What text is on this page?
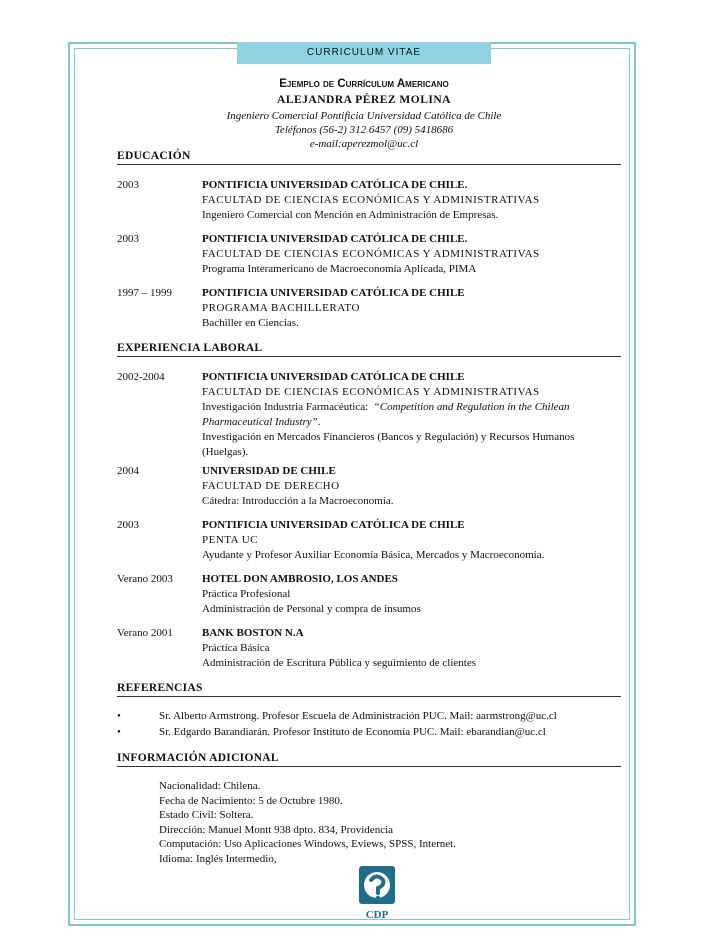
CURRICULUM VITAE
Ejemplo de Currículum Americano
ALEJANDRA PÉREZ MOLINA
Ingeniero Comercial Pontificia Universidad Católica de Chile
Teléfonos (56-2) 312 6457 (09) 5418686
e-mail:aperezmol@uc.cl
EDUCACIÓN
2003	PONTIFICIA UNIVERSIDAD CATÓLICA DE CHILE.
FACULTAD DE CIENCIAS ECONÓMICAS Y ADMINISTRATIVAS
Ingeniero Comercial con Mención en Administración de Empresas.
2003	PONTIFICIA UNIVERSIDAD CATÓLICA DE CHILE.
FACULTAD DE CIENCIAS ECONÓMICAS Y ADMINISTRATIVAS
Programa Interamericano de Macroeconomía Aplicada, PIMA
1997 – 1999	PONTIFICIA UNIVERSIDAD CATÓLICA DE CHILE
PROGRAMA BACHILLERATO
Bachiller en Ciencias.
EXPERIENCIA LABORAL
2002-2004	PONTIFICIA UNIVERSIDAD CATÓLICA DE CHILE
FACULTAD DE CIENCIAS ECONÓMICAS Y ADMINISTRATIVAS
Investigación Industria Farmacéutica: “Competition and Regulation in the Chilean Pharmaceutical Industry”.
Investigación en Mercados Financieros (Bancos y Regulación) y Recursos Humanos (Huelgas).
2004	UNIVERSIDAD DE CHILE
FACULTAD DE DERECHO
Cátedra: Introducción a la Macroeconomía.
2003	PONTIFICIA UNIVERSIDAD CATÓLICA DE CHILE
PENTA UC
Ayudante y Profesor Auxiliar Economía Básica, Mercados y Macroeconomía.
Verano 2003	HOTEL DON AMBROSIO, LOS ANDES
Práctica Profesional
Administración de Personal y compra de insumos
Verano 2001	BANK BOSTON N.A
Práctica Básica
Administración de Escritura Pública y seguimiento de clientes
REFERENCIAS
•	Sr. Alberto Armstrong. Profesor Escuela de Administración PUC. Mail: aarmstrong@uc.cl
•	Sr. Edgardo Barandiarán. Profesor Instituto de Economía PUC. Mail: ebarandian@uc.cl
INFORMACIÓN ADICIONAL
Nacionalidad: Chilena.
Fecha de Nacimiento: 5 de Octubre 1980.
Estado Civil: Soltera.
Dirección: Manuel Montt 938 dpto. 834, Providencia
Computación: Uso Aplicaciones Windows, Eviews, SPSS, Internet.
Idioma: Inglés Intermedio,
CDP
